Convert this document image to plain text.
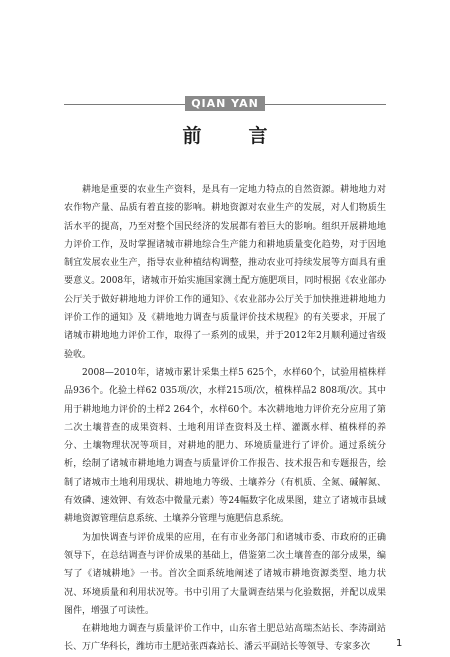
QIAN YAN
前　言

耕地是重要的农业生产资料，是具有一定地力特点的自然资源。耕地地力对农作物产量、品质有着直接的影响。耕地资源对农业生产的发展，对人们物质生活水平的提高，乃至对整个国民经济的发展都有着巨大的影响。组织开展耕地地力评价工作，及时掌握诸城市耕地综合生产能力和耕地质量变化趋势，对于因地制宜发展农业生产，指导农业种植结构调整，推动农业可持续发展等方面具有重要意义。2008年，诸城市开始实施国家测土配方施肥项目，同时根据《农业部办公厅关于做好耕地地力评价工作的通知》、《农业部办公厅关于加快推进耕地地力评价工作的通知》及《耕地地力调查与质量评价技术规程》的有关要求，开展了诸城市耕地地力评价工作，取得了一系列的成果，并于2012年2月顺利通过省级验收。

2008—2010年，诸城市累计采集土样5 625个，水样60个，试验用植株样品936个。化验土样62 035项/次，水样215项/次，植株样品2 808项/次。其中用于耕地地力评价的土样2 264个，水样60个。本次耕地地力评价充分应用了第二次土壤普查的成果资料、土地利用详查资料及土样、灌溉水样、植株样的养分、土壤物理状况等项目，对耕地的肥力、环境质量进行了评价。通过系统分析，绘制了诸城市耕地地力调查与质量评价工作报告、技术报告和专题报告，绘制了诸城市土地利用现状、耕地地力等级、土壤养分（有机质、全氮、碱解氮、有效磷、速效钾、有效态中微量元素）等24幅数字化成果图，建立了诸城市县域耕地资源管理信息系统、土壤养分管理与施肥信息系统。

为加快调查与评价成果的应用，在有市业务部门和诸城市委、市政府的正确领导下，在总结调查与评价成果的基础上，借鉴第二次土壤普查的部分成果，编写了《诸城耕地》一书。首次全面系统地阐述了诸城市耕地资源类型、地力状况、环境质量和利用状况等。书中引用了大量调查结果与化验数据，并配以成果图件，增强了可读性。

在耕地地力调查与质量评价工作中，山东省土肥总站高瑞杰站长、李涛副站长、万广华科长，潍坊市土肥站张西森站长、潘云平副站长等领导、专家多次	1
